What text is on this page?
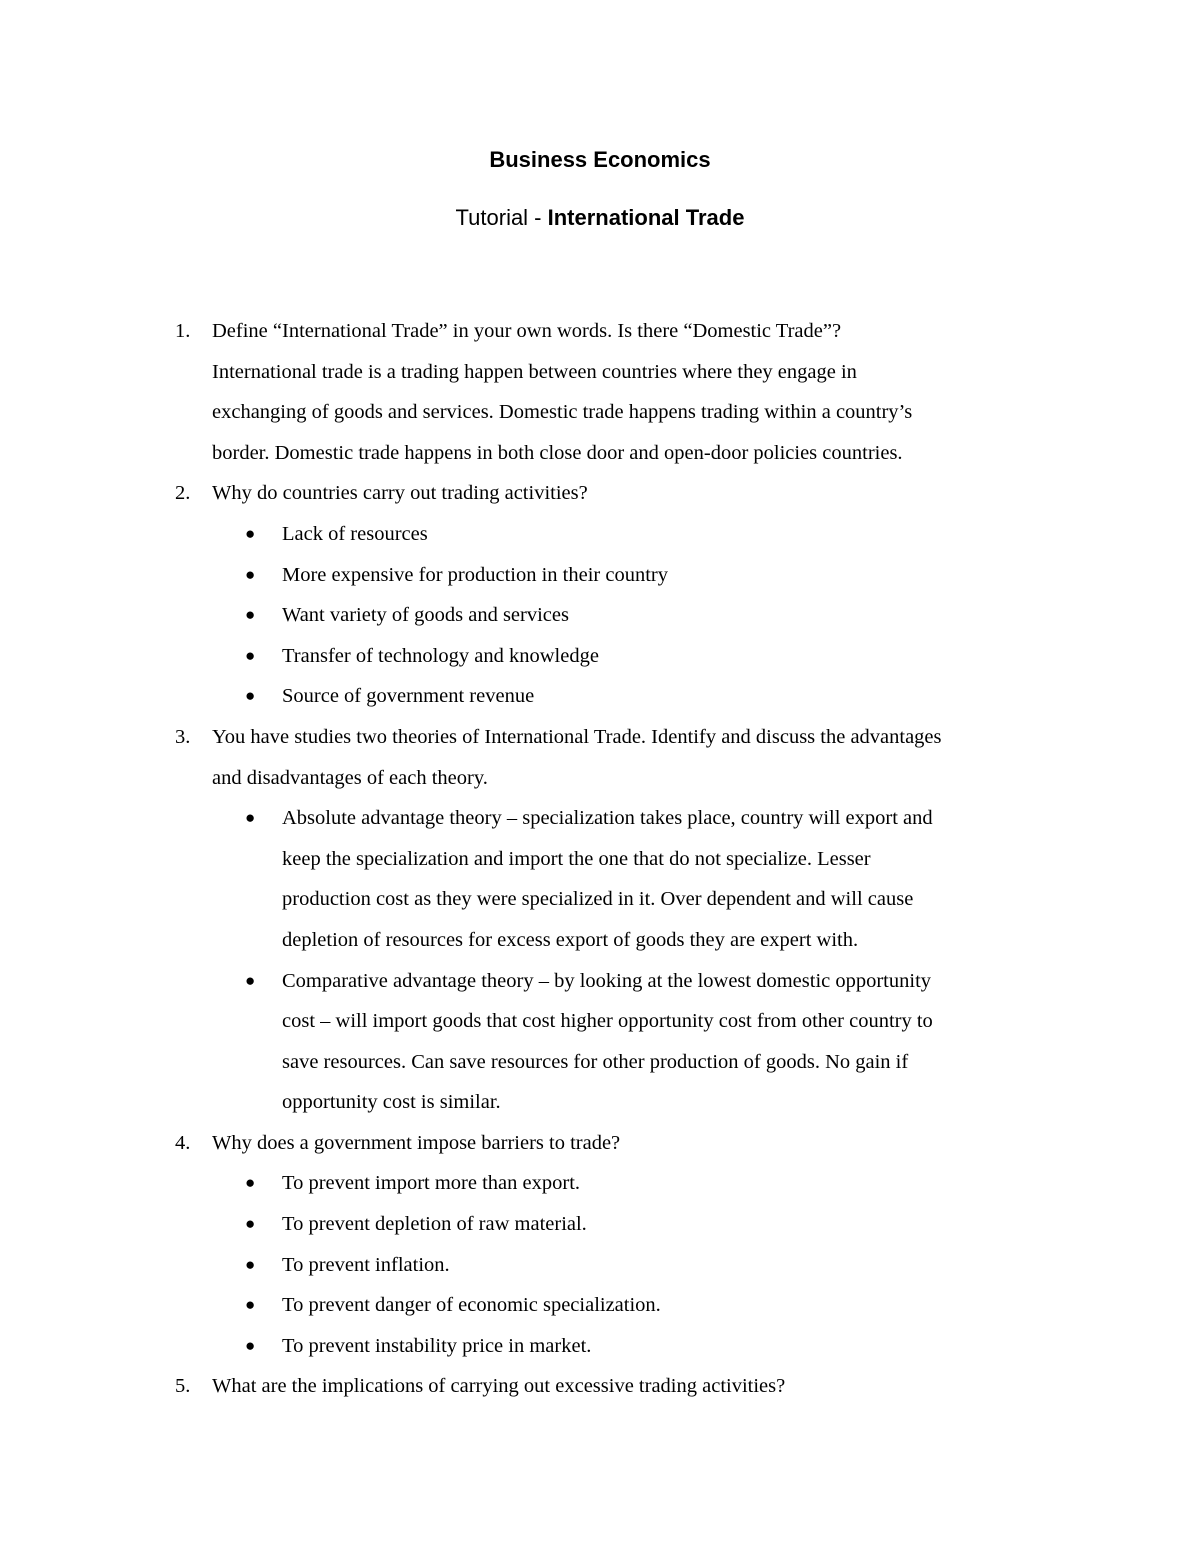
Business Economics
Tutorial - International Trade
1. Define “International Trade” in your own words. Is there “Domestic Trade”?
International trade is a trading happen between countries where they engage in
exchanging of goods and services. Domestic trade happens trading within a country’s
border. Domestic trade happens in both close door and open-door policies countries.
2. Why do countries carry out trading activities?
● Lack of resources
● More expensive for production in their country
● Want variety of goods and services
● Transfer of technology and knowledge
● Source of government revenue
3. You have studies two theories of International Trade. Identify and discuss the advantages
and disadvantages of each theory.
● Absolute advantage theory – specialization takes place, country will export and
keep the specialization and import the one that do not specialize. Lesser
production cost as they were specialized in it. Over dependent and will cause
depletion of resources for excess export of goods they are expert with.
● Comparative advantage theory – by looking at the lowest domestic opportunity
cost – will import goods that cost higher opportunity cost from other country to
save resources. Can save resources for other production of goods. No gain if
opportunity cost is similar.
4. Why does a government impose barriers to trade?
● To prevent import more than export.
● To prevent depletion of raw material.
● To prevent inflation.
● To prevent danger of economic specialization.
● To prevent instability price in market.
5. What are the implications of carrying out excessive trading activities?
